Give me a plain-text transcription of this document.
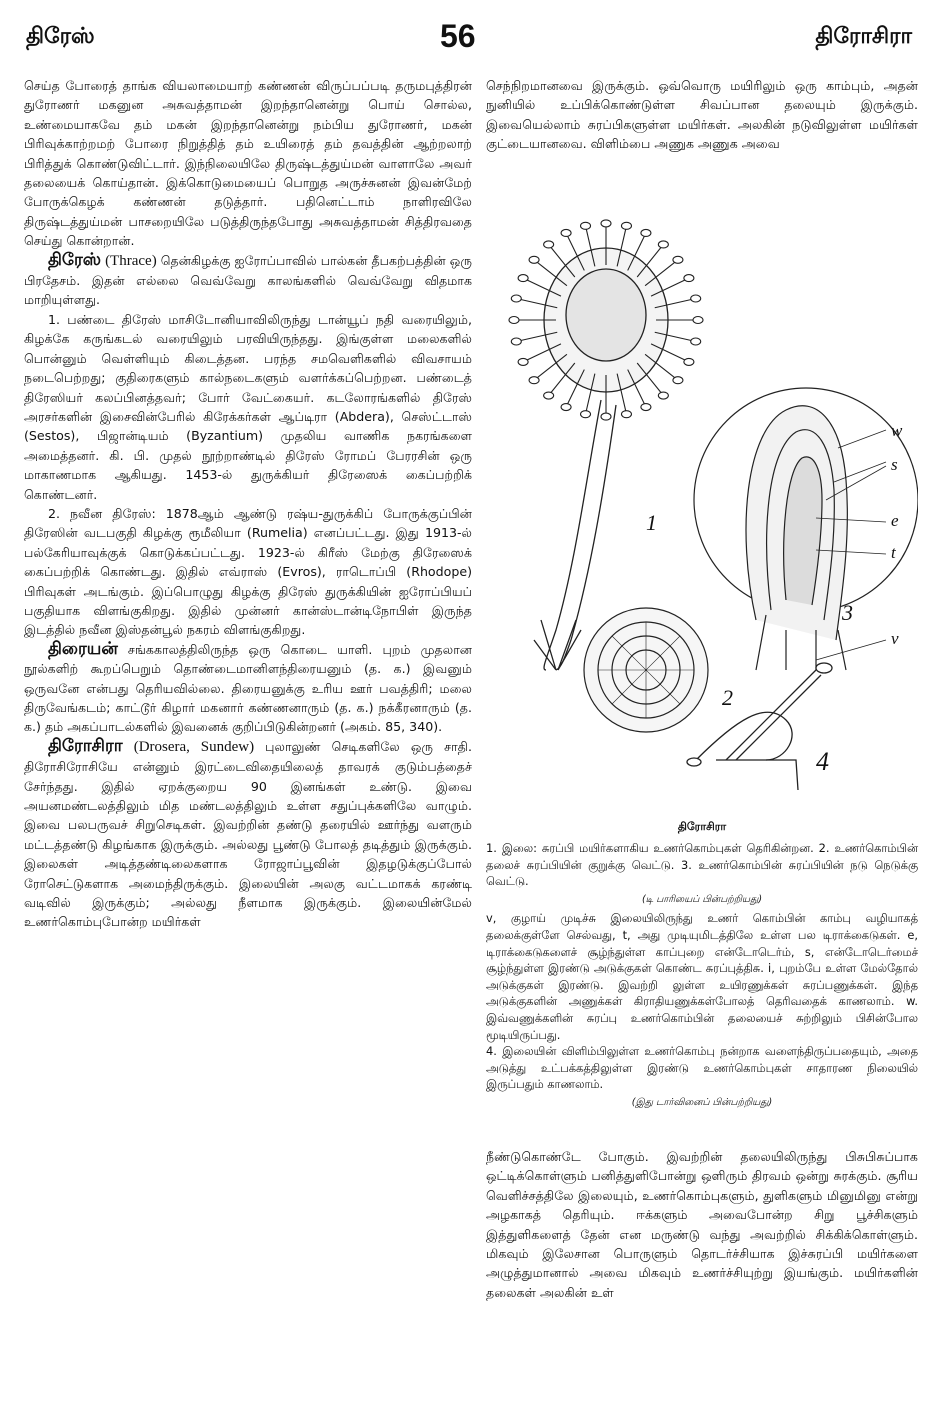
திரேஸ்	56	திரோசிரா

செய்த போரைத் தாங்க வியலாமையாற் கண்ணன் விருப்பப்படி தருமபுத்திரன் துரோணர் மகனுன அசுவத்தாமன் இறந்தானென்று பொய் சொல்ல, உண்மையாகவே தம் மகன் இறந்தானென்று நம்பிய துரோணர், மகன் பிரிவுக்காற்றமற் போரை நிறுத்தித் தம் உயிரைத் தம் தவத்தின் ஆற்றலாற் பிரித்துக் கொண்டுவிட்டார். இந்நிலையிலே திருஷ்டத்துய்மன் வாளாலே அவர் தலையைக் கொய்தான். இக்கொடுமையைப் பொறுத அருச்சுனன் இவன்மேற் போருக்கெழக் கண்ணன் தடுத்தார். பதினெட்டாம் நாளிரவிலே திருஷ்டத்துய்மன் பாசறையிலே படுத்திருந்தபோது அசுவத்தாமன் சித்திரவதை செய்து கொன்றான்.

திரேஸ் (Thrace) தென்கிழக்கு ஐரோப்பாவில் பால்கன் தீபகற்பத்தின் ஒரு பிரதேசம். இதன் எல்லை வெவ்வேறு காலங்களில் வெவ்வேறு விதமாக மாறியுள்ளது.

1. பண்டை திரேஸ் மாசிடோனியாவிலிருந்து டான்யூப் நதி வரையிலும், கிழக்கே கருங்கடல் வரையிலும் பரவியிருந்தது. இங்குள்ள மலைகளில் பொன்னும் வெள்ளியும் கிடைத்தன. பரந்த சமவெளிகளில் விவசாயம் நடைபெற்றது; குதிரைகளும் கால்நடைகளும் வளர்க்கப்பெற்றன. பண்டைத் திரேஸியர் கலப்பினத்தவர்; போர் வேட்கையர். கடலோரங்களில் திரேஸ் அரசர்களின் இசைவின்பேரில் கிரேக்கர்கள் ஆப்டிரா (Abdera), செஸ்ட்டாஸ் (Sestos), பிஜான்டியம் (Byzantium) முதலிய வாணிக நகரங்களை அமைத்தனர். கி. பி. முதல் நூற்றாண்டில் திரேஸ் ரோமப் பேரரசின் ஒரு மாகாணமாக ஆகியது. 1453-ல் துருக்கியர் திரேஸைக் கைப்பற்றிக் கொண்டனர்.

2. நவீன திரேஸ்: 1878ஆம் ஆண்டு ரஷ்ய-துருக்கிப் போருக்குப்பின் திரேஸின் வடபகுதி கிழக்கு ரூமீலியா (Rumelia) எனப்பட்டது. இது 1913-ல் பல்கேரியாவுக்குக் கொடுக்கப்பட்டது. 1923-ல் கிரீஸ் மேற்கு திரேஸைக் கைப்பற்றிக் கொண்டது. இதில் எவ்ராஸ் (Evros), ராடொப்பி (Rhodope) பிரிவுகள் அடங்கும். இப்பொழுது கிழக்கு திரேஸ் துருக்கியின் ஐரோப்பியப் பகுதியாக விளங்குகிறது. இதில் முன்னர் கான்ஸ்டான்டிநோபிள் இருந்த இடத்தில் நவீன இஸ்தன்பூல் நகரம் விளங்குகிறது.

திரையன் சங்ககாலத்திலிருந்த ஒரு கொடை யாளி. புறம் முதலான நூல்களிற் கூறப்பெறும் தொண்டைமானிளந்திரையனும் (த. க.) இவனும் ஒருவனே என்பது தெரியவில்லை. திரையனுக்கு உரிய ஊர் பவத்திரி; மலை திருவேங்கடம்; காட்டூர் கிழார் மகனார் கண்ணனாரும் (த. க.) நக்கீரனாரும் (த. க.) தம் அகப்பாடல்களில் இவனைக் குறிப்பிடுகின்றனர் (அகம். 85, 340).

திரோசிரா (Drosera, Sundew) புலாலுண் செடிகளிலே ஒரு சாதி. திரோசிரோசியே என்னும் இரட்டைவிதையிலைத் தாவரக் குடும்பத்தைச் சேர்ந்தது. இதில் ஏறக்குறைய 90 இனங்கள் உண்டு. இவை அயனமண்டலத்திலும் மித மண்டலத்திலும் உள்ள சதுப்புக்களிலே வாழும். இவை பலபருவச் சிறுசெடிகள். இவற்றின் தண்டு தரையில் ஊர்ந்து வளரும் மட்டத்தண்டு கிழங்காக இருக்கும். அல்லது பூண்டு போலத் தடித்தும் இருக்கும். இலைகள் அடித்தண்டிலைகளாக ரோஜாப்பூவின் இதழடுக்குப்போல் ரோசெட்டுகளாக அமைந்திருக்கும். இலையின் அலகு வட்டமாகக் கரண்டி வடிவில் இருக்கும்; அல்லது நீளமாக இருக்கும். இலையின்மேல் உணர்கொம்புபோன்ற மயிர்கள்

செந்நிறமானவை இருக்கும். ஒவ்வொரு மயிரிலும் ஒரு காம்பும், அதன் நுனியில் உப்பிக்கொண்டுள்ள சிவப்பான தலையும் இருக்கும். இவையெல்லாம் சுரப்பிகளுள்ள மயிர்கள். அலகின் நடுவிலுள்ள மயிர்கள் குட்டையானவை. விளிம்பை அணுக அணுக அவை

w
s
e
t
v
1
2
3
4
திரோசிரா
1. இலை: சுரப்பி மயிர்களாகிய உணர்கொம்புகள் தெரிகின்றன. 2. உணர்கொம்பின் தலைச் சுரப்பியின் குறுக்கு வெட்டு. 3. உணர்கொம்பின் சுரப்பியின் நடு நெடுக்கு வெட்டு.
(டி பாரியைப் பின்பற்றியது)
v, குழாய் முடிச்சு இலையிலிருந்து உணர் கொம்பின் காம்பு வழியாகத் தலைக்குள்ளே செல்வது, t, அது முடியுமிடத்திலே உள்ள பல டிராக்கைடுகள். e, டிராக்கைடுகளைச் சூழ்ந்துள்ள காப்புறை என்டோடெர்ம், s, என்டோடெர்மைச் சூழ்ந்துள்ள இரண்டு அடுக்குகள் கொண்ட சுரப்புத்திசு. i, புறம்பே உள்ள மேல்தோல் அடுக்குகள் இரண்டு. இவற்றி லுள்ள உயிரணுக்கள் சுரப்பணுக்கள். இந்த அடுக்குகளின் அணுக்கள் கிராதியணுக்கள்போலத் தெரிவதைக் காணலாம். w. இவ்வணுக்களின் சுரப்பு உணர்கொம்பின் தலையைச் சுற்றிலும் பிசின்போல மூடியிருப்பது.
4. இலையின் விளிம்பிலுள்ள உணர்கொம்பு நன்றாக வளைந்திருப்பதையும், அதை அடுத்து உட்பக்கத்திலுள்ள இரண்டு உணர்கொம்புகள் சாதாரண நிலையில் இருப்பதும் காணலாம்.
(இது டார்வினைப் பின்பற்றியது)

நீண்டுகொண்டே போகும். இவற்றின் தலையிலிருந்து பிசுபிசுப்பாக ஒட்டிக்கொள்ளும் பனித்துளிபோன்று ஒளிரும் திரவம் ஒன்று சுரக்கும். சூரிய வெளிச்சத்திலே இலையும், உணர்கொம்புகளும், துளிகளும் மினுமினு என்று அழகாகத் தெரியும். ஈக்களும் அவைபோன்ற சிறு பூச்சிகளும் இத்துளிகளைத் தேன் என மருண்டு வந்து அவற்றில் சிக்கிக்கொள்ளும். மிகவும் இலேசான பொருளும் தொடர்ச்சியாக இச்சுரப்பி மயிர்களை அழுத்துமானால் அவை மிகவும் உணர்ச்சியுற்று இயங்கும். மயிர்களின் தலைகள் அலகின் உள்
